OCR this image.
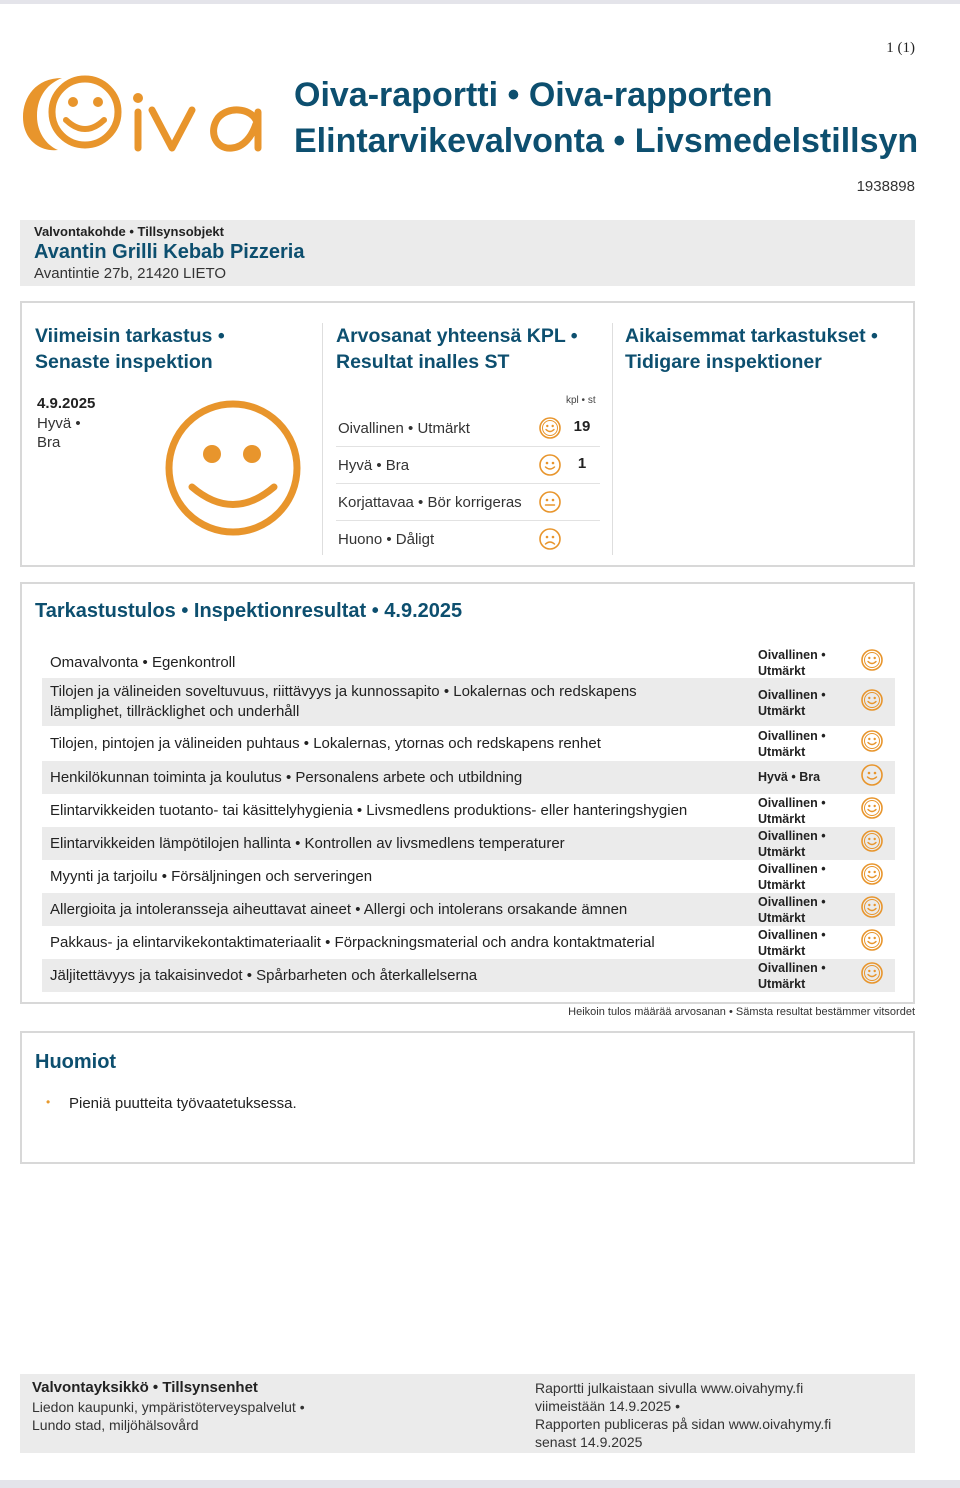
1 (1)
Oiva-raportti • Oiva-rapporten
Elintarvikevalvonta • Livsmedelstillsyn
1938898
Valvontakohde • Tillsynsobjekt
Avantin Grilli Kebab Pizzeria
Avantintie 27b, 21420 LIETO
Viimeisin tarkastus •
Senaste inspektion
4.9.2025
Hyvä •
Bra
Arvosanat yhteensä KPL •
Resultat inalles ST
kpl • st
Oivallinen • Utmärkt	19
Hyvä • Bra	1
Korjattavaa • Bör korrigeras
Huono • Dåligt
Aikaisemmat tarkastukset •
Tidigare inspektioner
Tarkastustulos • Inspektionresultat • 4.9.2025
Omavalvonta • Egenkontroll	Oivallinen •
Utmärkt
Tilojen ja välineiden soveltuvuus, riittävyys ja kunnossapito • Lokalernas och redskapens
lämplighet, tillräcklighet och underhåll
Oivallinen •
Utmärkt
Tilojen, pintojen ja välineiden puhtaus • Lokalernas, ytornas och redskapens renhet	Oivallinen •
Utmärkt
Henkilökunnan toiminta ja koulutus • Personalens arbete och utbildning	Hyvä • Bra
Elintarvikkeiden tuotanto- tai käsittelyhygienia • Livsmedlens produktions- eller hanteringshygien	Oivallinen •
Utmärkt
Elintarvikkeiden lämpötilojen hallinta • Kontrollen av livsmedlens temperaturer	Oivallinen •
Utmärkt
Myynti ja tarjoilu • Försäljningen och serveringen	Oivallinen •
Utmärkt
Allergioita ja intoleransseja aiheuttavat aineet • Allergi och intolerans orsakande ämnen	Oivallinen •
Utmärkt
Pakkaus- ja elintarvikekontaktimateriaalit • Förpackningsmaterial och andra kontaktmaterial	Oivallinen •
Utmärkt
Jäljitettävyys ja takaisinvedot • Spårbarheten och återkallelserna	Oivallinen •
Utmärkt
Heikoin tulos määrää arvosanan • Sämsta resultat bestämmer vitsordet
Huomiot
• Pieniä puutteita työvaatetuksessa.
Valvontayksikkö • Tillsynsenhet
Liedon kaupunki, ympäristöterveyspalvelut •
Lundo stad, miljöhälsovård
Raportti julkaistaan sivulla www.oivahymy.fi
viimeistään 14.9.2025 •
Rapporten publiceras på sidan www.oivahymy.fi
senast 14.9.2025
